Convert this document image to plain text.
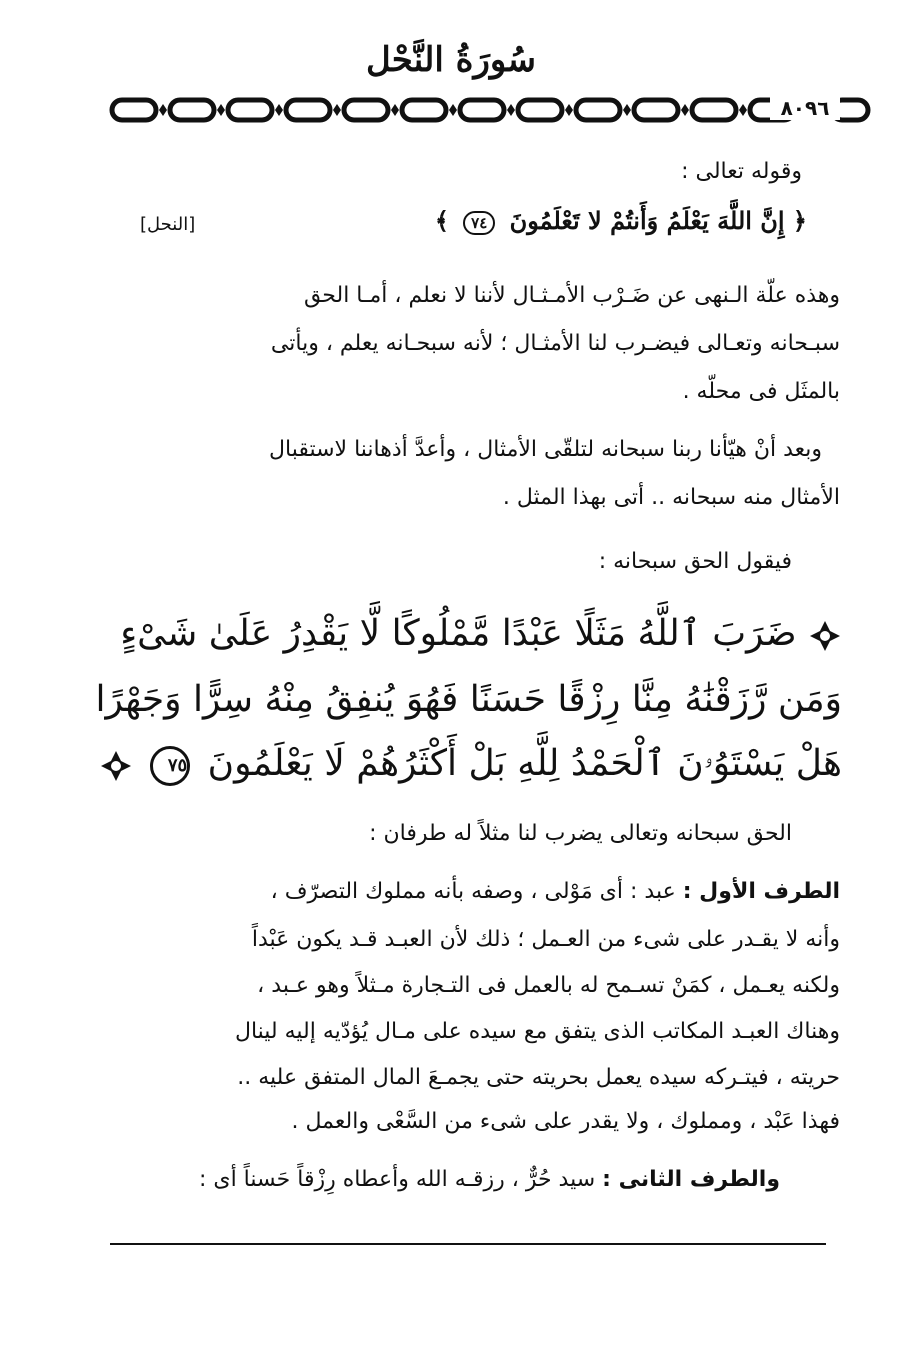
سُورَةُ النَّحْل
٨٠٩٦
وقوله تعالى :
﴿ إِنَّ اللَّهَ يَعْلَمُ وَأَنتُمْ لا تَعْلَمُونَ ٧٤ ﴾
[النحل]
وهذه علّة الـنهى عن ضَـرْب الأمـثـال لأننا لا نعلم ، أمـا الحق
سبـحانه وتعـالى فيضـرب لنا الأمثـال ؛ لأنه سبحـانه يعلم ، ويأتى
بالمثَل فى محلّه .
وبعد أنْ هيّأنا ربنا سبحانه لتلقّى الأمثال ، وأعدَّ أذهاننا لاستقبال
الأمثال منه سبحانه .. أتى بهذا المثل .
فيقول الحق سبحانه :
ضَرَبَ ٱللَّهُ مَثَلًا عَبْدًا مَّمْلُوكًا لَّا يَقْدِرُ عَلَىٰ شَىْءٍ
وَمَن رَّزَقْنَٰهُ مِنَّا رِزْقًا حَسَنًا فَهُوَ يُنفِقُ مِنْهُ سِرًّا وَجَهْرًا
هَلْ يَسْتَوُۥنَ ٱلْحَمْدُ لِلَّهِ بَلْ أَكْثَرُهُمْ لَا يَعْلَمُونَ ٧٥
الحق سبحانه وتعالى يضرب لنا مثلاً له طرفان :
الطرف الأول : عبد : أى مَوْلى ، وصفه بأنه مملوك التصرّف ،
وأنه لا يقـدر على شىء من العـمل ؛ ذلك لأن العبـد قـد يكون عَبْداً
ولكنه يعـمل ، كمَنْ تسـمح له بالعمل فى التـجارة مـثلاً وهو عـبد ،
وهناك العبـد المكاتب الذى يتفق مع سيده على مـال يُؤدّيه إليه لينال
حريته ، فيتـركه سيده يعمل بحريته حتى يجمـعَ المال المتفق عليه ..
فهذا عَبْد ، ومملوك ، ولا يقدر على شىء من السَّعْى والعمل .
والطرف الثانى : سيد حُرٌّ ، رزقـه الله وأعطاه رِزْقاً حَسناً أى :
